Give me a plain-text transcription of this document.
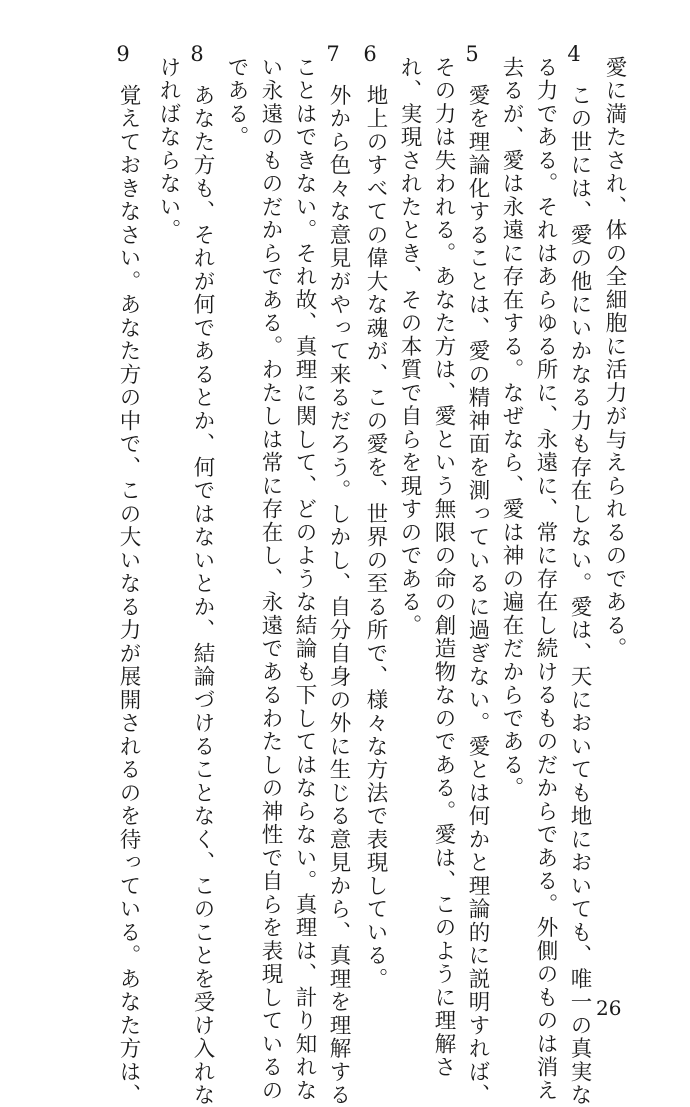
愛に満たされ、体の全細胞に活力が与えられるのである。

4

この世には、愛の他にいかなる力も存在しない。愛は、天においても地においても、唯一の真実な

る力である。それはあらゆる所に、永遠に、常に存在し続けるものだからである。外側のものは消え

去るが、愛は永遠に存在する。なぜなら、愛は神の遍在だからである。

5

愛を理論化することは、愛の精神面を測っているに過ぎない。愛とは何かと理論的に説明すれば、

その力は失われる。あなた方は、愛という無限の命の創造物なのである。愛は、このように理解さ

れ、実現されたとき、その本質で自らを現すのである。

6

地上のすべての偉大な魂が、この愛を、世界の至る所で、様々な方法で表現している。

7

外から色々な意見がやって来るだろう。しかし、自分自身の外に生じる意見から、真理を理解する

ことはできない。それ故、真理に関して、どのような結論も下してはならない。真理は、計り知れな

い永遠のものだからである。わたしは常に存在し、永遠であるわたしの神性で自らを表現しているの

である。

8

あなた方も、それが何であるとか、何ではないとか、結論づけることなく、このことを受け入れな

ければならない。

9

覚えておきなさい。あなた方の中で、この大いなる力が展開されるのを待っている。あなた方は、	26
